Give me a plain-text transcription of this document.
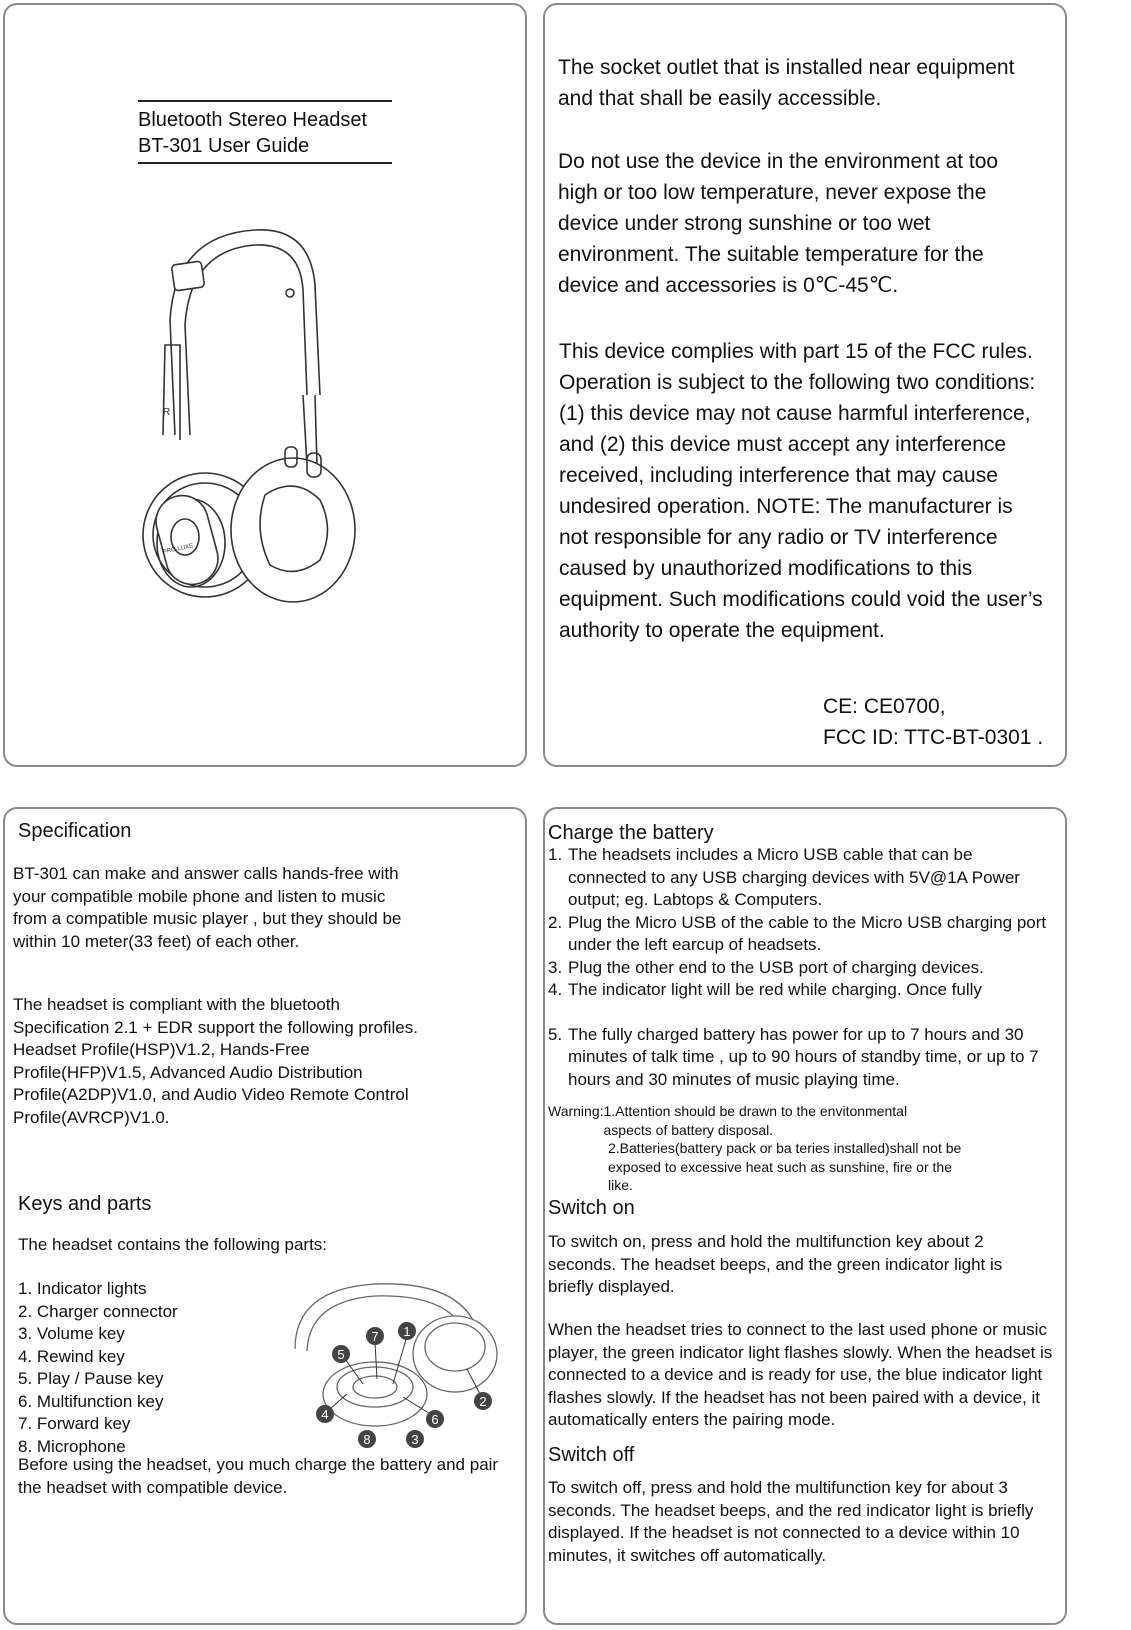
Bluetooth Stereo Headset
BT-301 User Guide
R
PRO-LUXE

The socket outlet that is installed near equipment and that shall be easily accessible.

Do not use the device in the environment at too high or too low temperature, never expose the device under strong sunshine or too wet environment. The suitable temperature for the device and accessories is 0℃-45℃.

This device complies with part 15 of the FCC rules. Operation is subject to the following two conditions: (1) this device may not cause harmful interference, and (2) this device must accept any interference received, including interference that may cause undesired operation. NOTE: The manufacturer is not responsible for any radio or TV interference caused by unauthorized modifications to this equipment. Such modifications could void the user’s authority to operate the equipment.

CE: CE0700,
FCC ID: TTC-BT-0301 .
Specification

BT-301 can make and answer calls hands-free with your compatible mobile phone and listen to music from a compatible music player , but they should be within 10 meter(33 feet) of each other.

The headset is compliant with the bluetooth Specification 2.1 + EDR support the following profiles. Headset Profile(HSP)V1.2, Hands-Free Profile(HFP)V1.5, Advanced Audio Distribution Profile(A2DP)V1.0, and Audio Video Remote Control Profile(AVRCP)V1.0.

Keys and parts
The headset contains the following parts:
1. Indicator lights
2. Charger connector
3. Volume key
4. Rewind key
5. Play / Pause key
6. Multifunction key
7. Forward key
8. Microphone
1
2
3
4
5
6
7
8

Before using the headset, you much charge the battery and pair the headset with compatible device.

Charge the battery
1. The headsets includes a Micro USB cable that can be connected to any USB charging devices with 5V@1A Power output; eg. Labtops & Computers.
2. Plug the Micro USB of the cable to the Micro USB charging port under the left earcup of headsets.
3. Plug the other end to the USB port of charging devices.
4. The indicator light will be red while charging. Once fully
5. The fully charged battery has power for up to 7 hours and 30 minutes of talk time , up to 90 hours of standby time, or up to 7 hours and 30 minutes of music playing time.
Warning: 1.Attention should be drawn to the envitonmental aspects of battery disposal.
2.Batteries(battery pack or ba teries installed)shall not be exposed to excessive heat such as sunshine, fire or the like.
Switch on

To switch on, press and hold the multifunction key about 2 seconds. The headset beeps, and the green indicator light is briefly displayed.

When the headset tries to connect to the last used phone or music player, the green indicator light flashes slowly. When the headset is connected to a device and is ready for use, the blue indicator light flashes slowly. If the headset has not been paired with a device, it automatically enters the pairing mode.

Switch off

To switch off, press and hold the multifunction key for about 3 seconds. The headset beeps, and the red indicator light is briefly displayed. If the headset is not connected to a device within 10 minutes, it switches off automatically.
